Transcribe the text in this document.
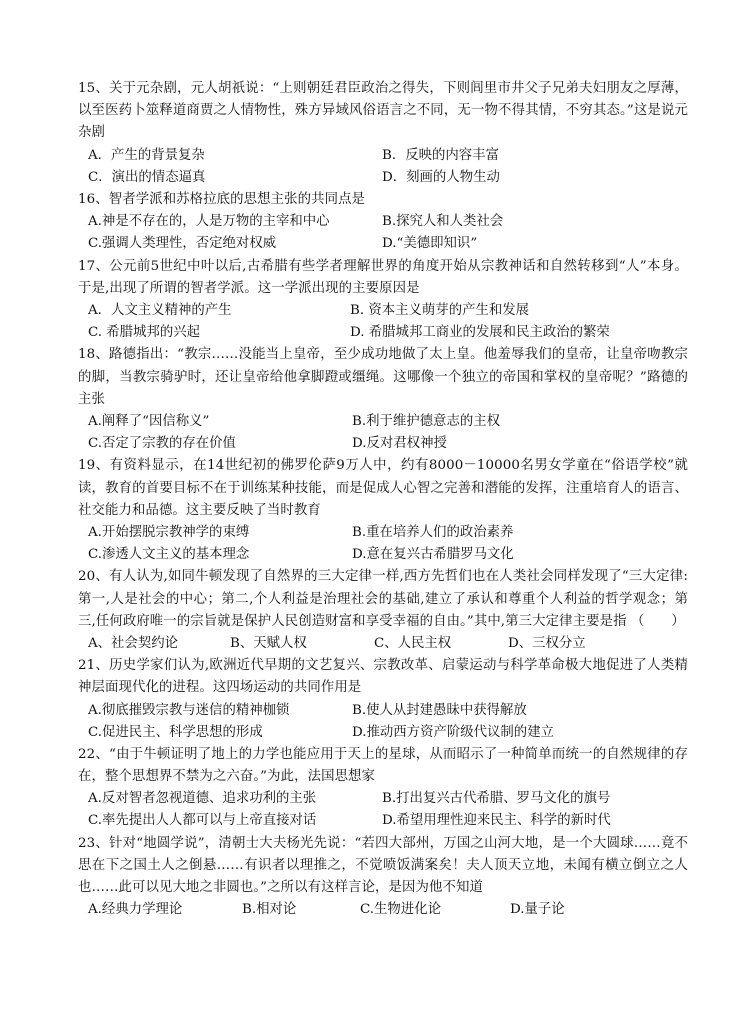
15、关于元杂剧，元人胡祇说：“上则朝廷君臣政治之得失，下则闾里市井父子兄弟夫妇朋友之厚薄，以至医药卜筮释道商贾之人情物性，殊方异域风俗语言之不同，无一物不得其情，不穷其态。”这是说元杂剧
A．产生的背景复杂	B．反映的内容丰富
C．演出的情态逼真	D．刻画的人物生动
16、智者学派和苏格拉底的思想主张的共同点是
A.神是不存在的，人是万物的主宰和中心	B.探究人和人类社会
C.强调人类理性，否定绝对权威	D.“美德即知识”
17、公元前5世纪中叶以后,古希腊有些学者理解世界的角度开始从宗教神话和自然转移到“人”本身。于是,出现了所谓的智者学派。这一学派出现的主要原因是
A．人文主义精神的产生	B. 资本主义萌芽的产生和发展
C. 希腊城邦的兴起	D. 希腊城邦工商业的发展和民主政治的繁荣
18、路德指出：“教宗……没能当上皇帝，至少成功地做了太上皇。他羞辱我们的皇帝，让皇帝吻教宗的脚，当教宗骑驴时，还让皇帝给他拿脚蹬或缰绳。这哪像一个独立的帝国和掌权的皇帝呢？”路德的主张
A.阐释了“因信称义”	B.利于维护德意志的主权
C.否定了宗教的存在价值	D.反对君权神授
19、有资料显示，在14世纪初的佛罗伦萨9万人中，约有8000－10000名男女学童在“俗语学校”就读，教育的首要目标不在于训练某种技能，而是促成人心智之完善和潜能的发挥，注重培育人的语言、社交能力和品德。这主要反映了当时教育
A.开始摆脱宗教神学的束缚	B.重在培养人们的政治素养
C.渗透人文主义的基本理念	D.意在复兴古希腊罗马文化
20、有人认为,如同牛顿发现了自然界的三大定律一样,西方先哲们也在人类社会同样发现了“三大定律:第一,人是社会的中心；第二,个人利益是治理社会的基础,建立了承认和尊重个人利益的哲学观念；第三,任何政府唯一的宗旨就是保护人民创造财富和享受幸福的自由。”其中,第三大定律主要是指 （　　）
A、社会契约论	B、天赋人权	C、人民主权	D、三权分立
21、历史学家们认为,欧洲近代早期的文艺复兴、宗教改革、启蒙运动与科学革命极大地促进了人类精神层面现代化的进程。这四场运动的共同作用是
A.彻底摧毁宗教与迷信的精神枷锁	B.使人从封建愚昧中获得解放
C.促进民主、科学思想的形成	D.推动西方资产阶级代议制的建立
22、“由于牛顿证明了地上的力学也能应用于天上的星球，从而昭示了一种简单而统一的自然规律的存在，整个思想界不禁为之六奋。”为此，法国思想家
A.反对智者忽视道德、追求功利的主张	B.打出复兴古代希腊、罗马文化的旗号
C.率先提出人人都可以与上帝直接对话	D.希望用理性迎来民主、科学的新时代
23、针对“地圆学说”，清朝士大夫杨光先说：“若四大部州，万国之山河大地，是一个大圆球……竟不思在下之国土人之倒悬……有识者以理推之，不觉喷饭满案矣！夫人顶天立地，未闻有横立倒立之人也……此可以见大地之非圆也。”之所以有这样言论，是因为他不知道
A.经典力学理论	B.相对论	C.生物进化论	D.量子论
